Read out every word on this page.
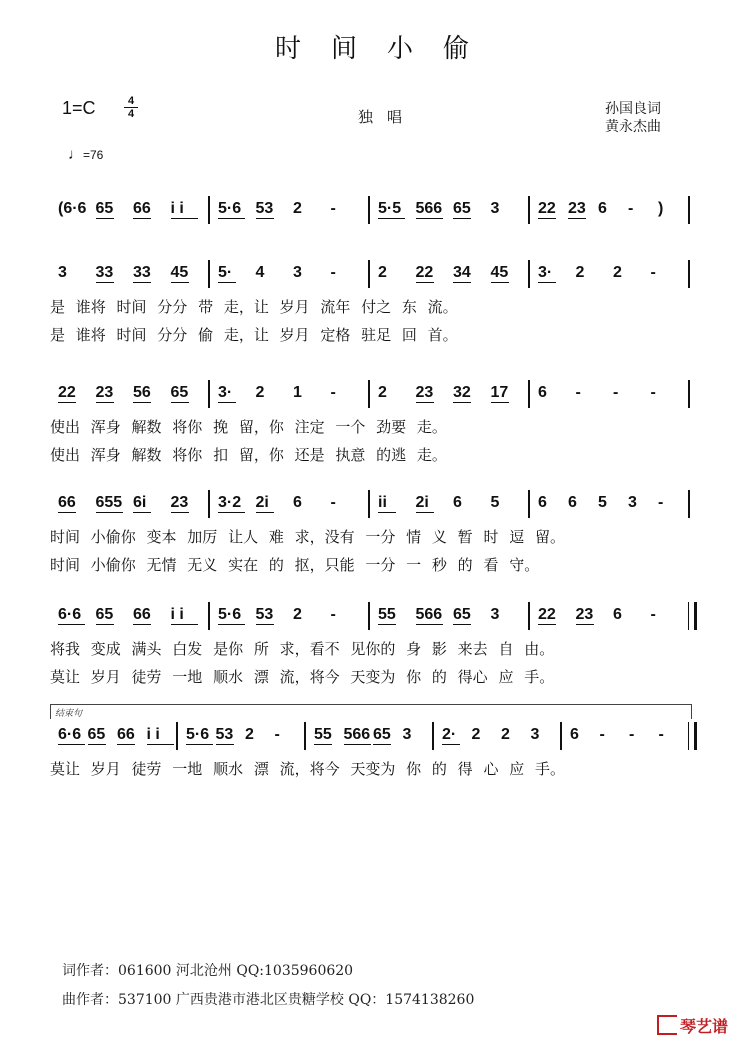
时间小偷
1=C	4
4	独唱	孙国良词
黄永杰曲
♩=76
(6·6 65 66 i i 5·6 53 2 -	5·5 566 65 3 22 23 6 - )
3 33 33 45 5· 4 3 -	2 22 34 45 3· 2 2 -
是 谁将 时间 分分 带 走，让 岁月 流年 付之 东 流。
是 谁将 时间 分分 偷 走，让 岁月 定格 驻足 回 首。
22 23 56 65 3· 2 1 -	2 23 32 17 6 - - -
使出 浑身 解数 将你 挽 留，你 注定 一个 劲要 走。
使出 浑身 解数 将你 扣 留，你 还是 执意 的逃 走。
66 655 6i 23 3·2 2i 6 -	ii 2i 6 5 6 6 5 3 -
时间 小偷你 变本 加厉 让人 难 求，没有 一分 情 义 暂 时 逗 留。
时间 小偷你 无情 无义 实在 的 抠，只能 一分 一 秒 的 看 守。
6·6 65 66 i i 5·6 53 2 -	55 566 65 3 22 23 6 -
将我 变成 满头 白发 是你 所 求，看不 见你的 身 影 来去 自 由。
莫让 岁月 徒劳 一地 顺水 漂 流，将今 天变为 你 的 得心 应 手。
6·6 65 66 i i 5·6 53 2 - 55 566 65 3 2· 2 2 3 6 - - -
莫让 岁月 徒劳 一地 顺水 漂 流，将今 天变为 你 的 得 心 应 手。
结束句
词作者：061600 河北沧州 QQ:1035960620
曲作者：537100 广西贵港市港北区贵糖学校 QQ：1574138260
琴艺谱
